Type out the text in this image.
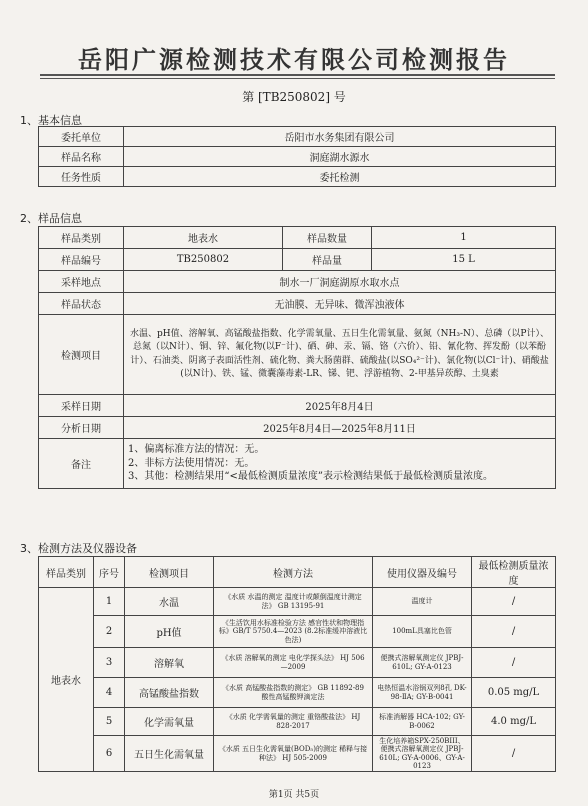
岳阳广源检测技术有限公司检测报告
第 [TB250802] 号
1、基本信息
委托单位	岳阳市水务集团有限公司
样品名称	洞庭湖水源水
任务性质	委托检测
2、样品信息
样品类别	地表水	样品数量	1
样品编号	TB250802	样品量	15 L
采样地点	制水一厂洞庭湖原水取水点		
样品状态	无油膜、无异味、微浑浊液体		
检测项目	水温、pH值、溶解氧、高锰酸盐指数、化学需氧量、五日生化需氧量、氨氮（NH₃-N）、总磷（以P计）、总氮（以N计）、铜、锌、氟化物(以F⁻计)、硒、砷、汞、镉、铬（六价）、铅、氰化物、挥发酚（以苯酚计）、石油类、阴离子表面活性剂、硫化物、粪大肠菌群、硫酸盐(以SO₄²⁻计)、氯化物(以Cl⁻计)、硝酸盐(以N计)、铁、锰、微囊藻毒素-LR、锑、钯、浮游植物、2-甲基异莰醇、土臭素		
采样日期	2025年8月4日		
分析日期	2025年8月4日—2025年8月11日		
备注	1、偏离标准方法的情况：无。
2、非标方法使用情况：无。
3、其他：检测结果用“<最低检测质量浓度”表示检测结果低于最低检测质量浓度。		
3、检测方法及仪器设备
样品类别	序号	检测项目	检测方法	使用仪器及编号	最低检测质量浓度
地表水	1	水温	《水质 水温的测定 温度计或颠倒温度计测定法》 GB 13195-91	温度计	/
	2	pH值	《生活饮用水标准检验方法 感官性状和物理指标》GB/T 5750.4—2023 (8.2标准缓冲溶液比色法)	100mL具塞比色管	/
	3	溶解氧	《水质 溶解氧的测定 电化学探头法》 HJ 506—2009	便携式溶解氧测定仪 JPBJ-610L; GY-A-0123	/
	4	高锰酸盐指数	《水质 高锰酸盐指数的测定》 GB 11892-89 酸性高锰酸钾滴定法	电热恒温水浴锅双列8孔 DK-98-ⅡA; GY-B-0041	0.05 mg/L
	5	化学需氧量	《水质 化学需氧量的测定 重铬酸盐法》 HJ 828-2017	标准消解器 HCA-102; GY-B-0062	4.0 mg/L
	6	五日生化需氧量	《水质 五日生化需氧量(BOD₅)的测定 稀释与接种法》 HJ 505-2009	生化培养箱SPX-250BIII、便携式溶解氧测定仪 JPBJ-610L; GY-A-0006、GY-A-0123	/
第1页 共5页
